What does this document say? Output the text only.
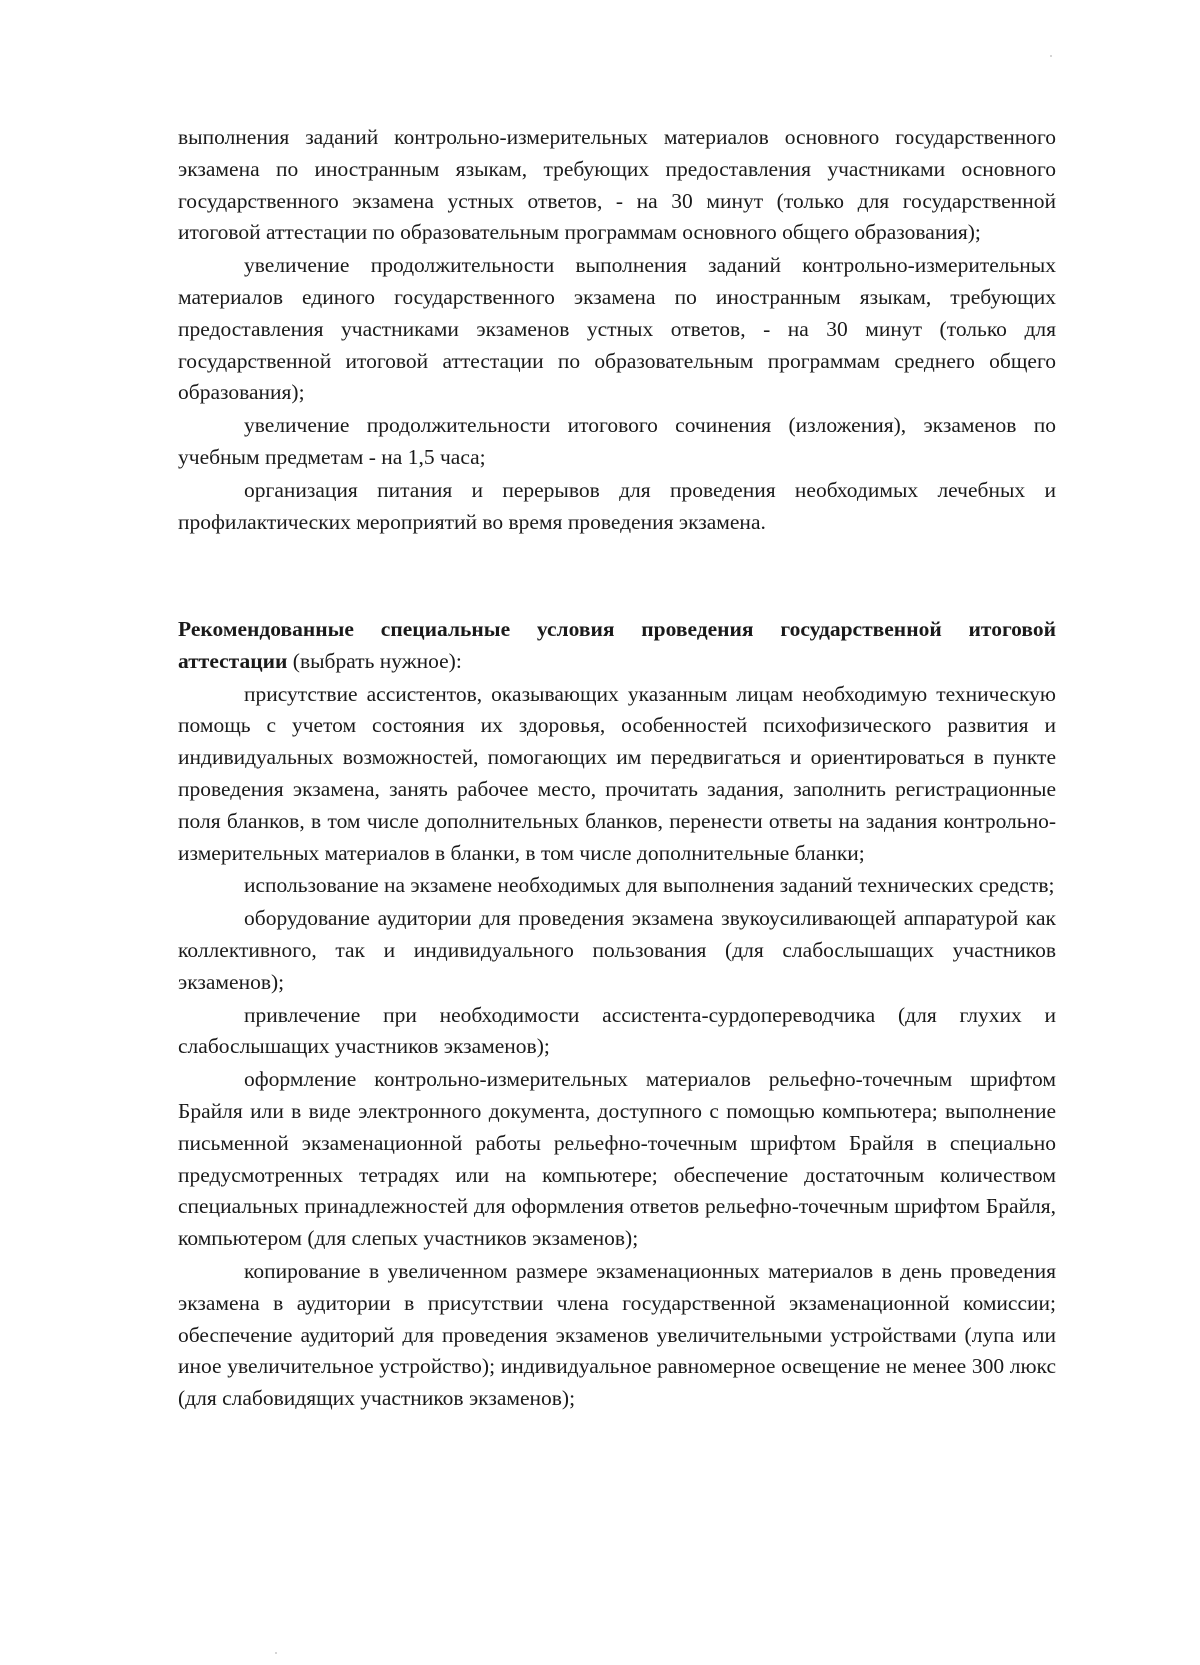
выполнения заданий контрольно-измерительных материалов основного государственного экзамена по иностранным языкам, требующих предоставления участниками основного государственного экзамена устных ответов, - на 30 минут (только для государственной итоговой аттестации по образовательным программам основного общего образования);

увеличение продолжительности выполнения заданий контрольно-измерительных материалов единого государственного экзамена по иностранным языкам, требующих предоставления участниками экзаменов устных ответов, - на 30 минут (только для государственной итоговой аттестации по образовательным программам среднего общего образования);

увеличение продолжительности итогового сочинения (изложения), экзаменов по учебным предметам - на 1,5 часа;

организация питания и перерывов для проведения необходимых лечебных и профилактических мероприятий во время проведения экзамена.

Рекомендованные специальные условия проведения государственной итоговой аттестации (выбрать нужное):

присутствие ассистентов, оказывающих указанным лицам необходимую техническую помощь с учетом состояния их здоровья, особенностей психофизического развития и индивидуальных возможностей, помогающих им передвигаться и ориентироваться в пункте проведения экзамена, занять рабочее место, прочитать задания, заполнить регистрационные поля бланков, в том числе дополнительных бланков, перенести ответы на задания контрольно-измерительных материалов в бланки, в том числе дополнительные бланки;

использование на экзамене необходимых для выполнения заданий технических средств;

оборудование аудитории для проведения экзамена звукоусиливающей аппаратурой как коллективного, так и индивидуального пользования (для слабослышащих участников экзаменов);

привлечение при необходимости ассистента-сурдопереводчика (для глухих и слабослышащих участников экзаменов);

оформление контрольно-измерительных материалов рельефно-точечным шрифтом Брайля или в виде электронного документа, доступного с помощью компьютера; выполнение письменной экзаменационной работы рельефно-точечным шрифтом Брайля в специально предусмотренных тетрадях или на компьютере; обеспечение достаточным количеством специальных принадлежностей для оформления ответов рельефно-точечным шрифтом Брайля, компьютером (для слепых участников экзаменов);

копирование в увеличенном размере экзаменационных материалов в день проведения экзамена в аудитории в присутствии члена государственной экзаменационной комиссии; обеспечение аудиторий для проведения экзаменов увеличительными устройствами (лупа или иное увеличительное устройство); индивидуальное равномерное освещение не менее 300 люкс (для слабовидящих участников экзаменов);
